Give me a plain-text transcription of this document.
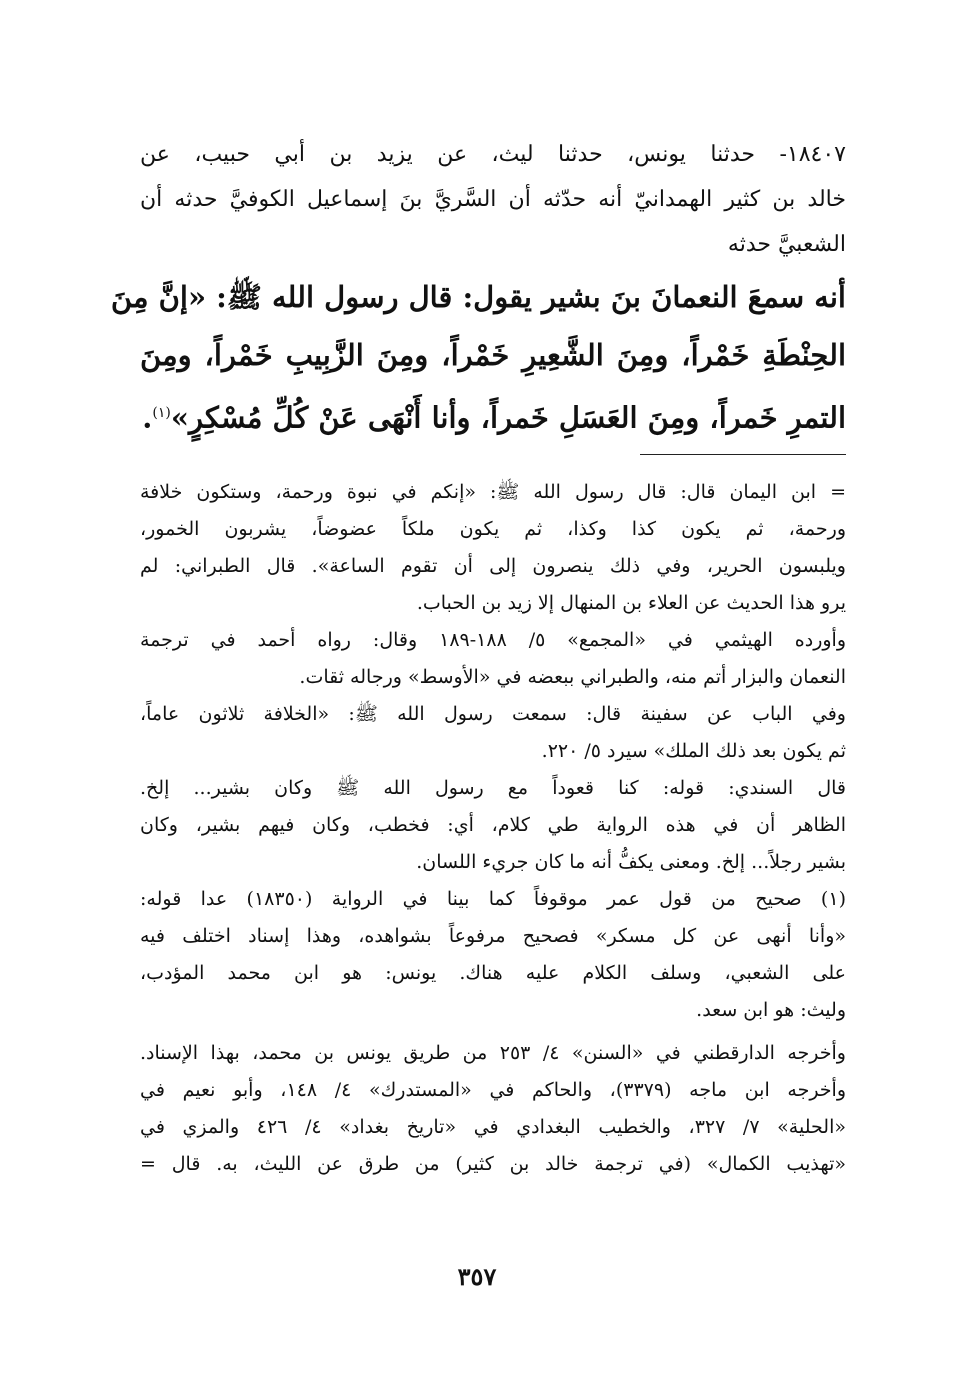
١٨٤٠٧- حدثنا يونس، حدثنا ليث، عن يزيد بن أبي حبيب، عن
خالد بن كثير الهمدانيّ أنه حدّثه أن السَّريَّ بنَ إسماعيل الكوفيَّ حدثه أن
الشعبيَّ حدثه
أنه سمعَ النعمانَ بنَ بشير يقول: قال رسول الله ﷺ: «إنَّ مِنَ
الحِنْطَةِ خَمْراً، ومِنَ الشَّعِيرِ خَمْراً، ومِنَ الزَّبِيبِ خَمْراً، ومِنَ
التمرِ خَمراً، ومِنَ العَسَلِ خَمراً، وأنا أَنْهَى عَنْ كُلِّ مُسْكِرٍ»$^{(١)}$.
= ابن اليمان قال: قال رسول الله ﷺ: «إنكم في نبوة ورحمة، وستكون خلافة
ورحمة، ثم يكون كذا وكذا، ثم يكون ملكاً عضوضاً، يشربون الخمور،
ويلبسون الحرير، وفي ذلك ينصرون إلى أن تقوم الساعة». قال الطبراني: لم
يرو هذا الحديث عن العلاء بن المنهال إلا زيد بن الحباب.
وأورده الهيثمي في «المجمع» ٥/ ١٨٨-١٨٩ وقال: رواه أحمد في ترجمة
النعمان والبزار أتم منه، والطبراني ببعضه في «الأوسط» ورجاله ثقات.
وفي الباب عن سفينة قال: سمعت رسول الله ﷺ: «الخلافة ثلاثون عاماً،
ثم يكون بعد ذلك الملك» سيرد ٥/ ٢٢٠.
قال السندي: قوله: كنا قعوداً مع رسول الله ﷺ وكان بشير... إلخ.
الظاهر أن في هذه الرواية طي كلام، أي: فخطب، وكان فيهم بشير، وكان
بشير رجلاً... إلخ. ومعنى يكفُّ أنه ما كان جريء اللسان.
(١) صحيح من قول عمر موقوفاً كما بينا في الرواية (١٨٣٥٠) عدا قوله:
«وأنا أنهى عن كل مسكر» فصحيح مرفوعاً بشواهده، وهذا إسناد اختلف فيه
على الشعبي، وسلف الكلام عليه هناك. يونس: هو ابن محمد المؤدب،
وليث: هو ابن سعد.
وأخرجه الدارقطني في «السنن» ٤/ ٢٥٣ من طريق يونس بن محمد، بهذا الإسناد.
وأخرجه ابن ماجه (٣٣٧٩)، والحاكم في «المستدرك» ٤/ ١٤٨، وأبو نعيم في
«الحلية» ٧/ ٣٢٧، والخطيب البغدادي في «تاريخ بغداد» ٤/ ٤٢٦ والمزي في
«تهذيب الكمال» (في ترجمة خالد بن كثير) من طرق عن الليث، به. قال =
٣٥٧
